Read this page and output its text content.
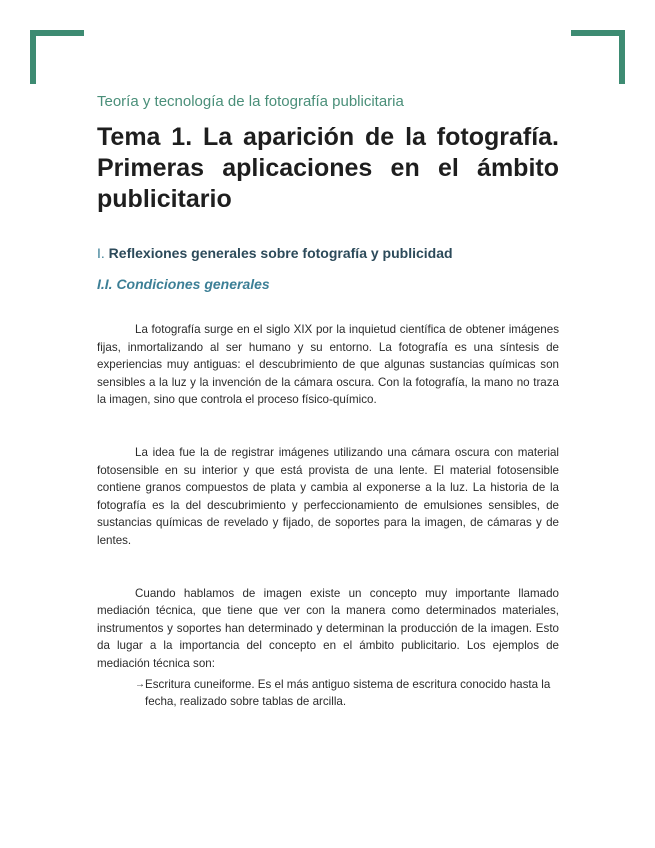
Teoría y tecnología de la fotografía publicitaria
Tema 1. La aparición de la fotografía. Primeras aplicaciones en el ámbito publicitario
I. Reflexiones generales sobre fotografía y publicidad
I.I. Condiciones generales

La fotografía surge en el siglo XIX por la inquietud científica de obtener imágenes fijas, inmortalizando al ser humano y su entorno. La fotografía es una síntesis de experiencias muy antiguas: el descubrimiento de que algunas sustancias químicas son sensibles a la luz y la invención de la cámara oscura. Con la fotografía, la mano no traza la imagen, sino que controla el proceso físico-químico.

La idea fue la de registrar imágenes utilizando una cámara oscura con material fotosensible en su interior y que está provista de una lente. El material fotosensible contiene granos compuestos de plata y cambia al exponerse a la luz. La historia de la fotografía es la del descubrimiento y perfeccionamiento de emulsiones sensibles, de sustancias químicas de revelado y fijado, de soportes para la imagen, de cámaras y de lentes.

Cuando hablamos de imagen existe un concepto muy importante llamado mediación técnica, que tiene que ver con la manera como determinados materiales, instrumentos y soportes han determinado y determinan la producción de la imagen. Esto da lugar a la importancia del concepto en el ámbito publicitario. Los ejemplos de mediación técnica son:

→ Escritura cuneiforme. Es el más antiguo sistema de escritura conocido hasta la fecha, realizado sobre tablas de arcilla.
